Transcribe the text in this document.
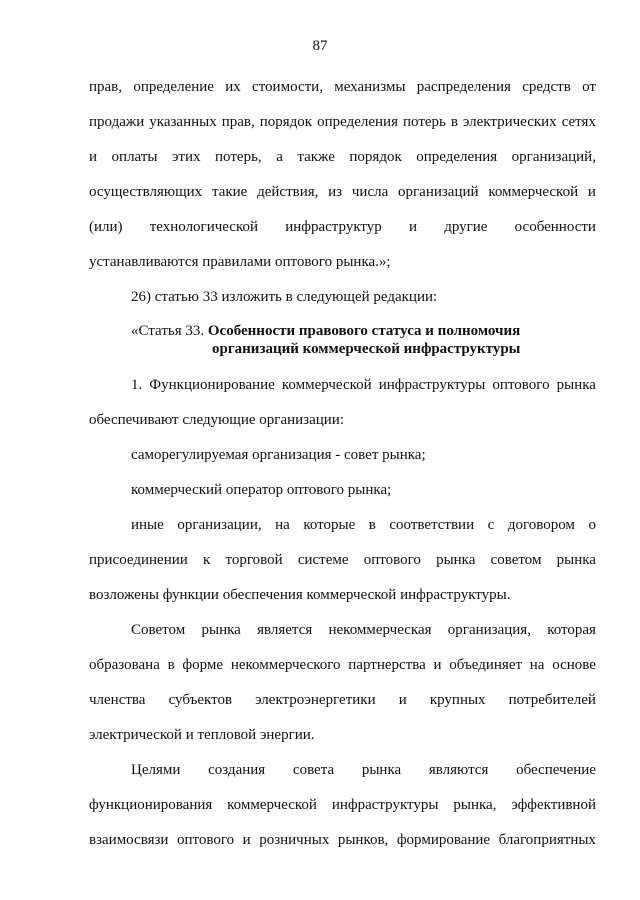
87
прав, определение их стоимости, механизмы распределения средств от
продажи указанных прав, порядок определения потерь в электрических сетях
и оплаты этих потерь, а также порядок определения организаций,
осуществляющих такие действия, из числа организаций коммерческой и
(или) технологической инфраструктур и другие особенности
устанавливаются правилами оптового рынка.»;
26) статью 33 изложить в следующей редакции:
«Статья 33. Особенности правового статуса и полномочия
организаций коммерческой инфраструктуры
1. Функционирование коммерческой инфраструктуры оптового рынка
обеспечивают следующие организации:
саморегулируемая организация - совет рынка;
коммерческий оператор оптового рынка;
иные организации, на которые в соответствии с договором о
присоединении к торговой системе оптового рынка советом рынка
возложены функции обеспечения коммерческой инфраструктуры.
Советом рынка является некоммерческая организация, которая
образована в форме некоммерческого партнерства и объединяет на основе
членства субъектов электроэнергетики и крупных потребителей
электрической и тепловой энергии.
Целями создания совета рынка являются обеспечение
функционирования коммерческой инфраструктуры рынка, эффективной
взаимосвязи оптового и розничных рынков, формирование благоприятных
